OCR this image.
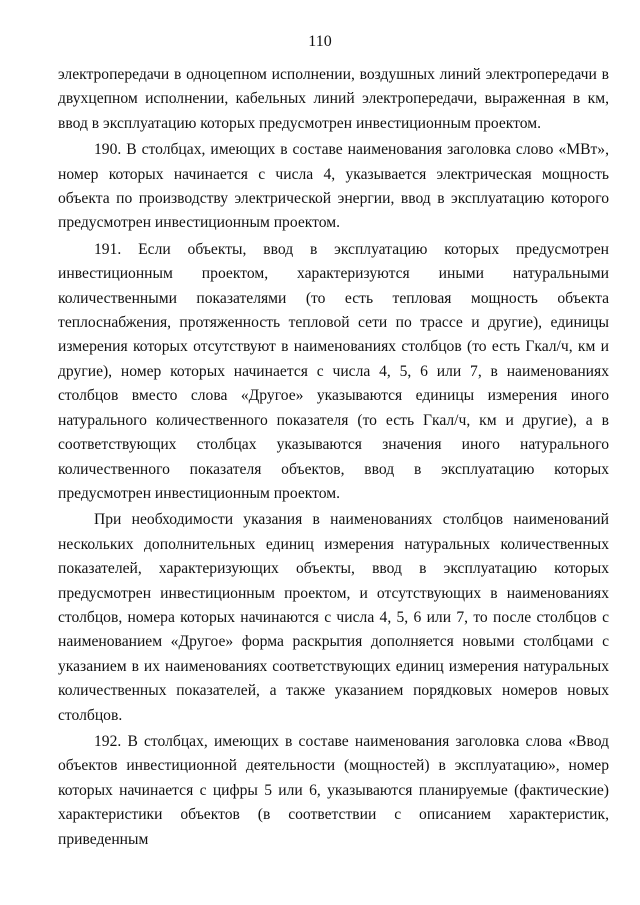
110

электропередачи в одноцепном исполнении, воздушных линий электропередачи в двухцепном исполнении, кабельных линий электропередачи, выраженная в км, ввод в эксплуатацию которых предусмотрен инвестиционным проектом.

190. В столбцах, имеющих в составе наименования заголовка слово «МВт», номер которых начинается с числа 4, указывается электрическая мощность объекта по производству электрической энергии, ввод в эксплуатацию которого предусмотрен инвестиционным проектом.

191. Если объекты, ввод в эксплуатацию которых предусмотрен инвестиционным проектом, характеризуются иными натуральными количественными показателями (то есть тепловая мощность объекта теплоснабжения, протяженность тепловой сети по трассе и другие), единицы измерения которых отсутствуют в наименованиях столбцов (то есть Гкал/ч, км и другие), номер которых начинается с числа 4, 5, 6 или 7, в наименованиях столбцов вместо слова «Другое» указываются единицы измерения иного натурального количественного показателя (то есть Гкал/ч, км и другие), а в соответствующих столбцах указываются значения иного натурального количественного показателя объектов, ввод в эксплуатацию которых предусмотрен инвестиционным проектом.

При необходимости указания в наименованиях столбцов наименований нескольких дополнительных единиц измерения натуральных количественных показателей, характеризующих объекты, ввод в эксплуатацию которых предусмотрен инвестиционным проектом, и отсутствующих в наименованиях столбцов, номера которых начинаются с числа 4, 5, 6 или 7, то после столбцов с наименованием «Другое» форма раскрытия дополняется новыми столбцами с указанием в их наименованиях соответствующих единиц измерения натуральных количественных показателей, а также указанием порядковых номеров новых столбцов.

192. В столбцах, имеющих в составе наименования заголовка слова «Ввод объектов инвестиционной деятельности (мощностей) в эксплуатацию», номер которых начинается с цифры 5 или 6, указываются планируемые (фактические) характеристики объектов (в соответствии с описанием характеристик, приведенным
